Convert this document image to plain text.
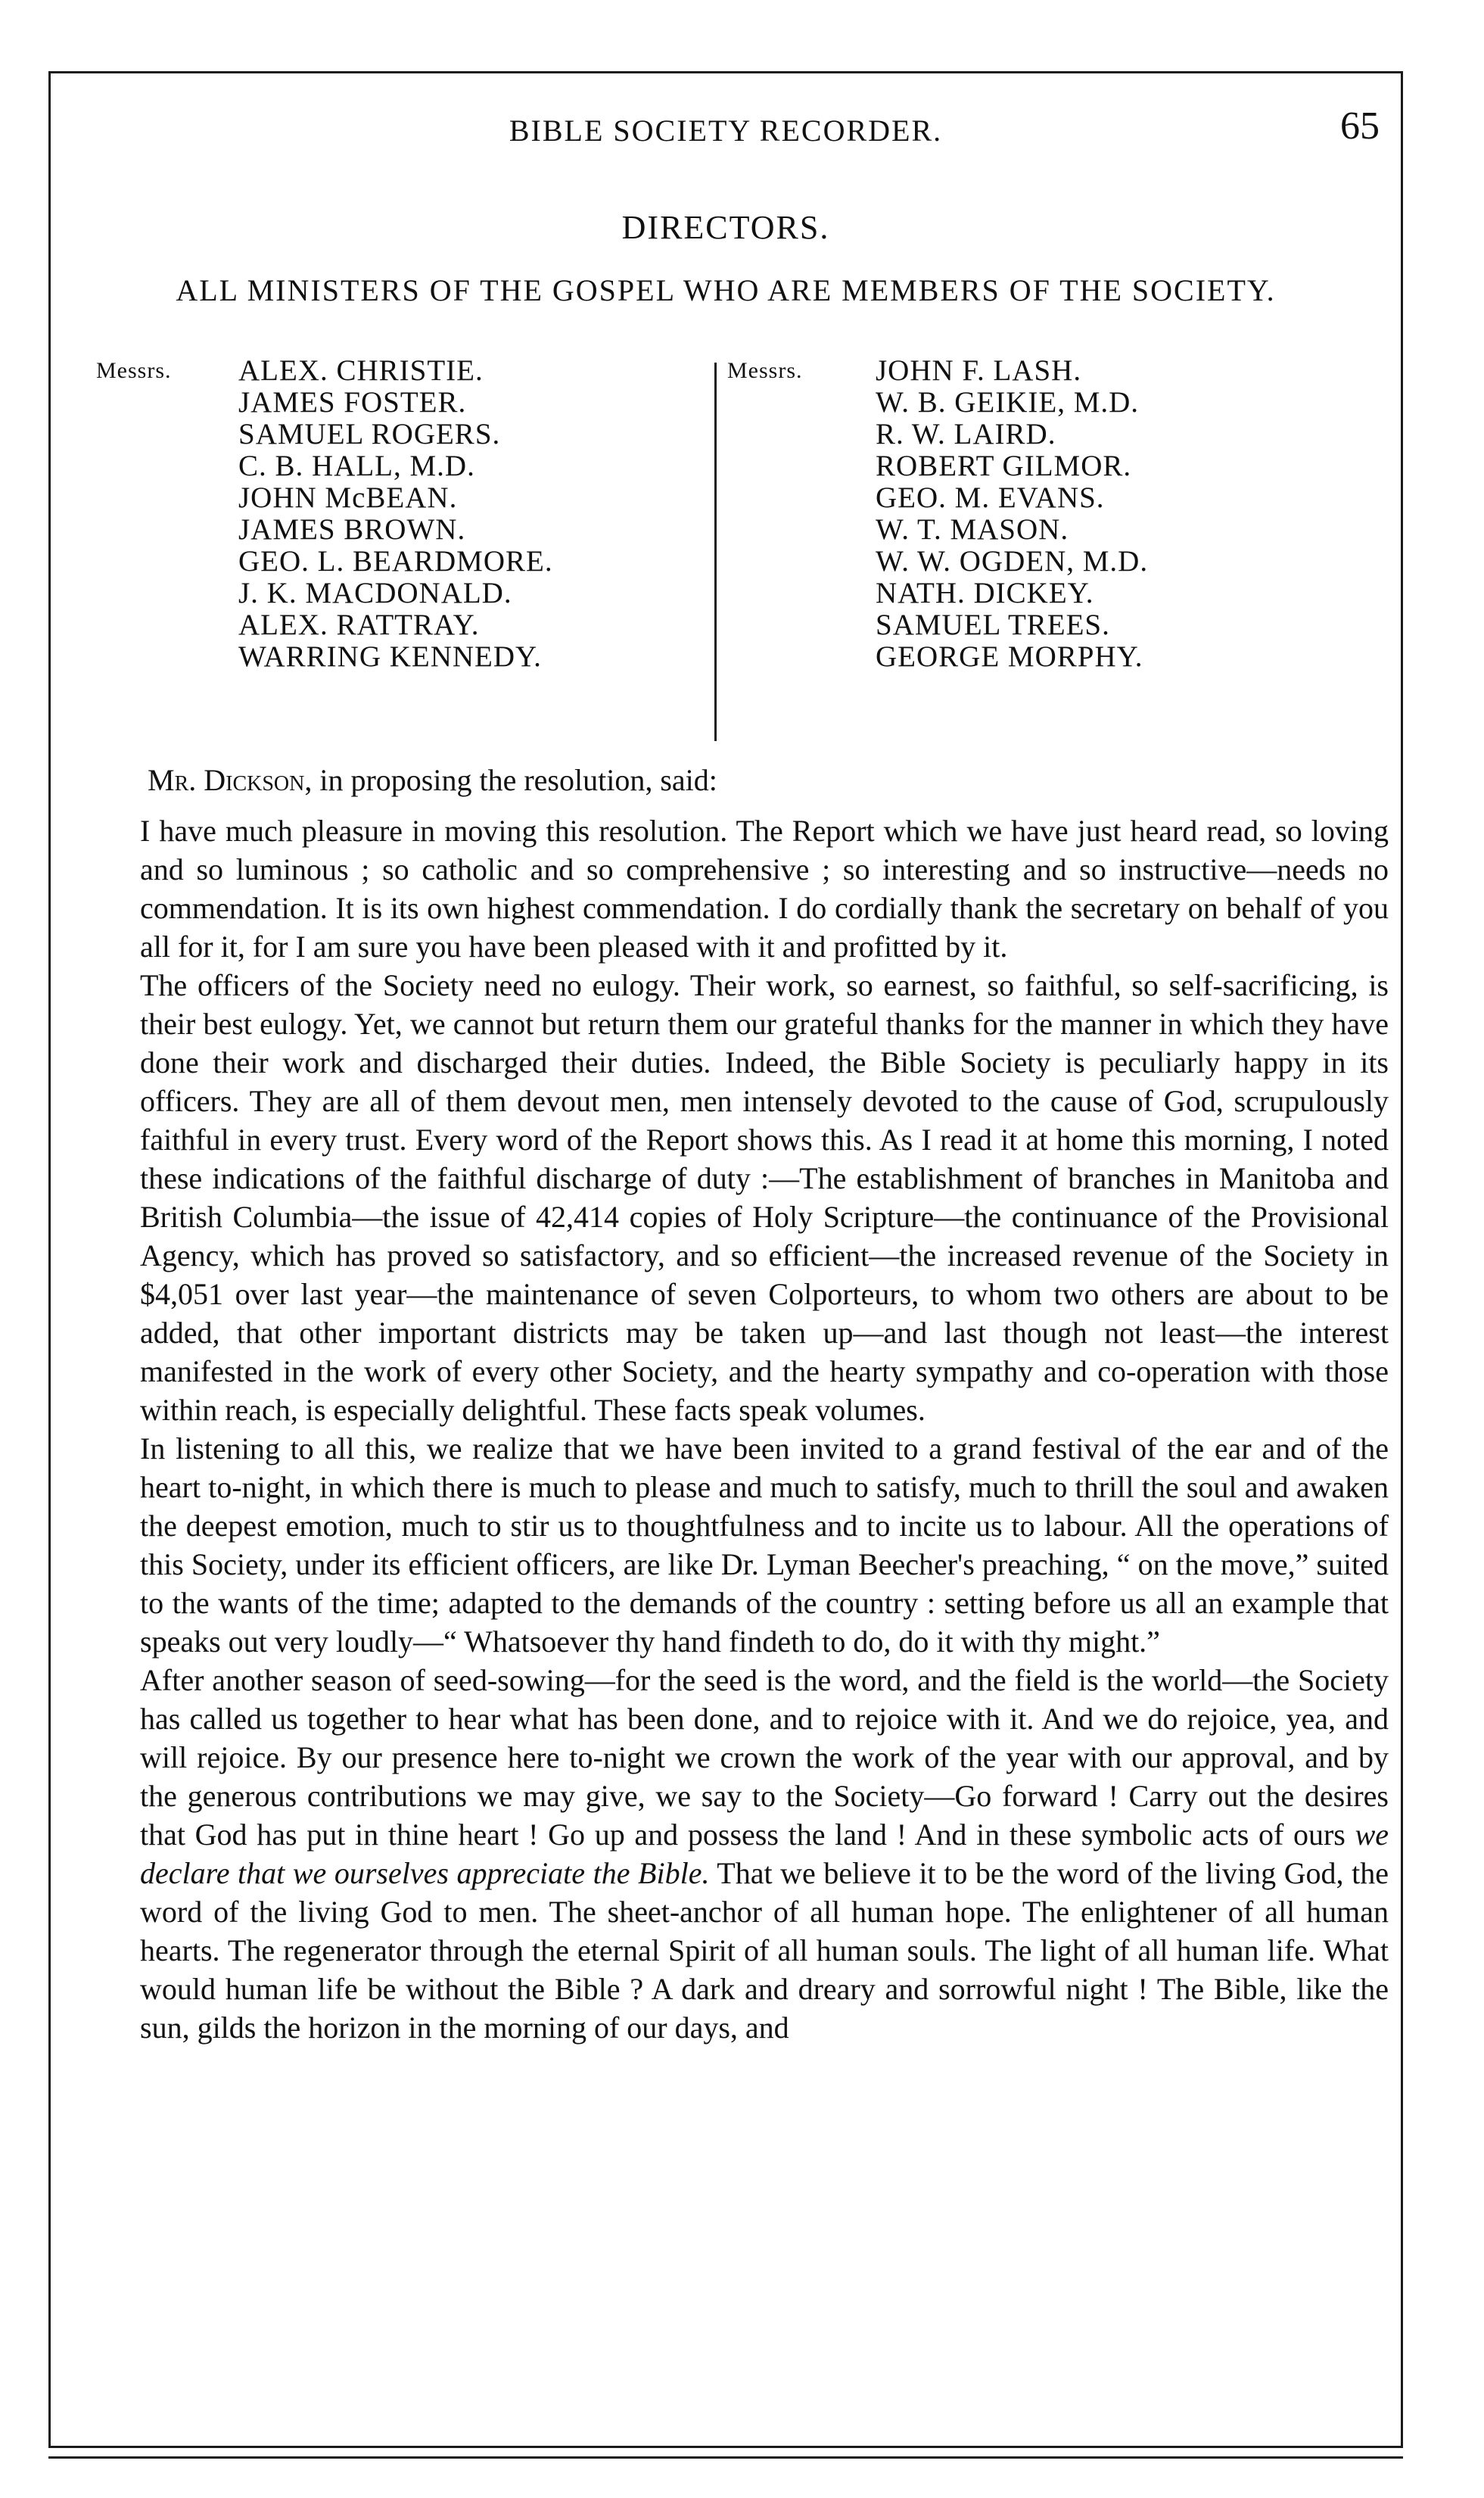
BIBLE SOCIETY RECORDER.	65
DIRECTORS.
ALL MINISTERS OF THE GOSPEL WHO ARE MEMBERS OF THE SOCIETY.
Messrs. ALEX. CHRISTIE.
JAMES FOSTER.
SAMUEL ROGERS.
C. B. HALL, M.D.
JOHN McBEAN.
JAMES BROWN.
GEO. L. BEARDMORE.
J. K. MACDONALD.
ALEX. RATTRAY.
WARRING KENNEDY.
Messrs. JOHN F. LASH.
W. B. GEIKIE, M.D.
R. W. LAIRD.
ROBERT GILMOR.
GEO. M. EVANS.
W. T. MASON.
W. W. OGDEN, M.D.
NATH. DICKEY.
SAMUEL TREES.
GEORGE MORPHY.
Mr. Dickson, in proposing the resolution, said:

I have much pleasure in moving this resolution. The Report which we have just heard read, so loving and so luminous ; so catholic and so comprehensive ; so interesting and so instructive—needs no commendation. It is its own highest commendation. I do cordially thank the secretary on behalf of you all for it, for I am sure you have been pleased with it and profitted by it.

The officers of the Society need no eulogy. Their work, so earnest, so faithful, so self-sacrificing, is their best eulogy. Yet, we cannot but return them our grateful thanks for the manner in which they have done their work and discharged their duties. Indeed, the Bible Society is peculiarly happy in its officers. They are all of them devout men, men intensely devoted to the cause of God, scrupulously faithful in every trust. Every word of the Report shows this. As I read it at home this morning, I noted these indications of the faithful discharge of duty :—The establishment of branches in Manitoba and British Columbia—the issue of 42,414 copies of Holy Scripture—the continuance of the Provisional Agency, which has proved so satisfactory, and so efficient—the increased revenue of the Society in $4,051 over last year—the maintenance of seven Colporteurs, to whom two others are about to be added, that other important districts may be taken up—and last though not least—the interest manifested in the work of every other Society, and the hearty sympathy and co-operation with those within reach, is especially delightful. These facts speak volumes.

In listening to all this, we realize that we have been invited to a grand festival of the ear and of the heart to-night, in which there is much to please and much to satisfy, much to thrill the soul and awaken the deepest emotion, much to stir us to thoughtfulness and to incite us to labour. All the operations of this Society, under its efficient officers, are like Dr. Lyman Beecher's preaching, “ on the move,” suited to the wants of the time; adapted to the demands of the country : setting before us all an example that speaks out very loudly—“ Whatsoever thy hand findeth to do, do it with thy might.”

After another season of seed-sowing—for the seed is the word, and the field is the world—the Society has called us together to hear what has been done, and to rejoice with it. And we do rejoice, yea, and will rejoice. By our presence here to-night we crown the work of the year with our approval, and by the generous contributions we may give, we say to the Society—Go forward ! Carry out the desires that God has put in thine heart ! Go up and possess the land ! And in these symbolic acts of ours we declare that we ourselves appreciate the Bible. That we believe it to be the word of the living God, the word of the living God to men. The sheet-anchor of all human hope. The enlightener of all human hearts. The regenerator through the eternal Spirit of all human souls. The light of all human life. What would human life be without the Bible ? A dark and dreary and sorrowful night ! The Bible, like the sun, gilds the horizon in the morning of our days, and
